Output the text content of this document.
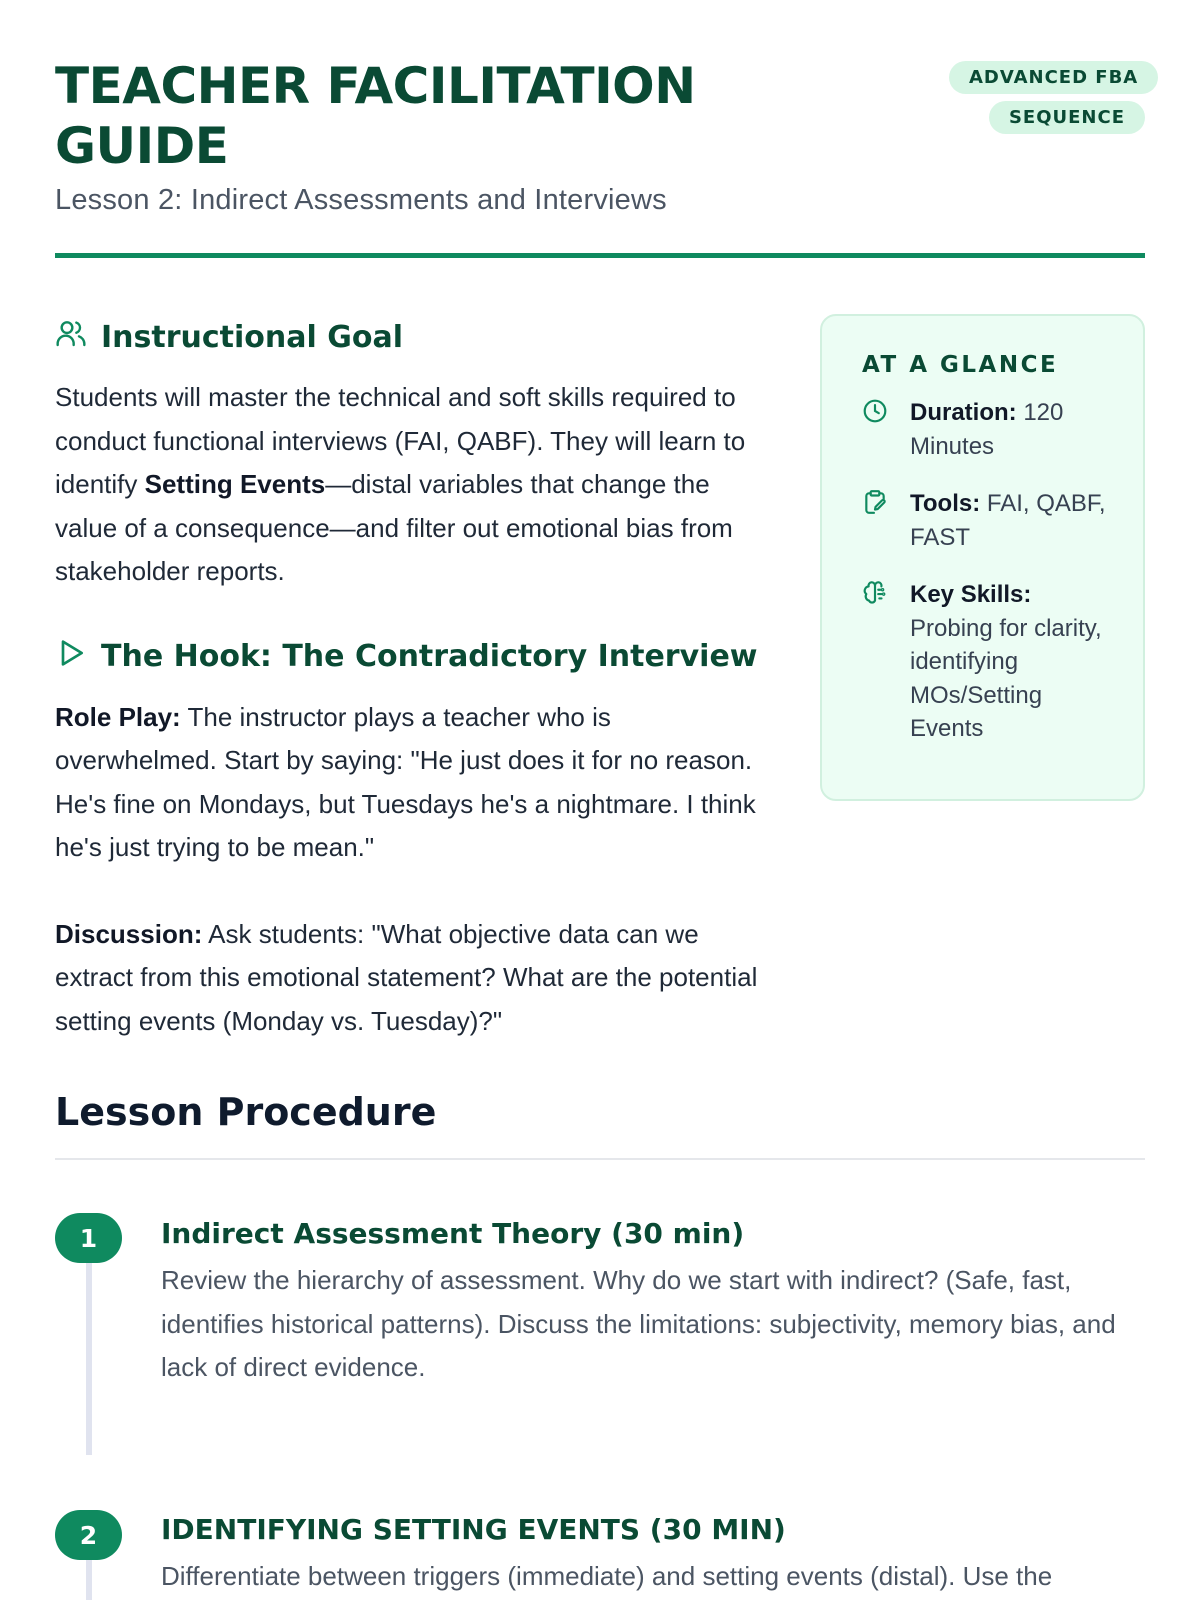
TEACHER FACILITATION GUIDE
ADVANCED FBA SEQUENCE
Lesson 2: Indirect Assessments and Interviews
Instructional Goal

Students will master the technical and soft skills required to conduct functional interviews (FAI, QABF). They will learn to identify Setting Events—distal variables that change the value of a consequence—and filter out emotional bias from stakeholder reports.

The Hook: The Contradictory Interview

Role Play: The instructor plays a teacher who is overwhelmed. Start by saying: "He just does it for no reason. He's fine on Mondays, but Tuesdays he's a nightmare. I think he's just trying to be mean."

Discussion: Ask students: "What objective data can we extract from this emotional statement? What are the potential setting events (Monday vs. Tuesday)?"

AT A GLANCE
Duration: 120 Minutes
Tools: FAI, QABF, FAST
Key Skills: Probing for clarity, identifying MOs/Setting Events
Lesson Procedure
1	Indirect Assessment Theory (30 min)

Review the hierarchy of assessment. Why do we start with indirect? (Safe, fast, identifies historical patterns). Discuss the limitations: subjectivity, memory bias, and lack of direct evidence.

2	IDENTIFYING SETTING EVENTS (30 MIN)

Differentiate between triggers (immediate) and setting events (distal). Use the
